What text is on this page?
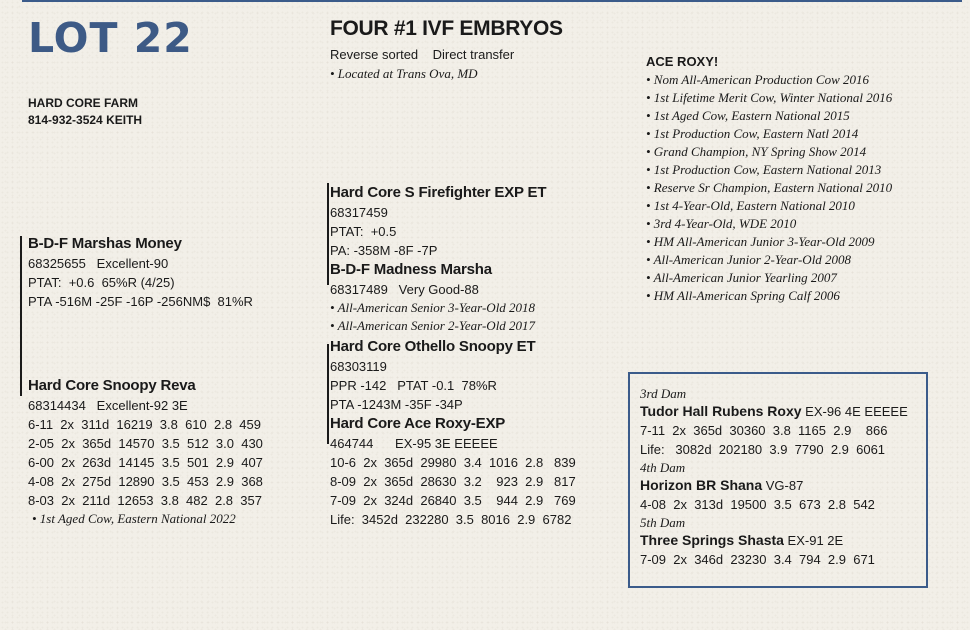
LOT 22
HARD CORE FARM
814-932-3524 KEITH
FOUR #1 IVF EMBRYOS
Reverse sorted    Direct transfer
• Located at Trans Ova, MD
ACE ROXY!
• Nom All-American Production Cow 2016
• 1st Lifetime Merit Cow, Winter National 2016
• 1st Aged Cow, Eastern National 2015
• 1st Production Cow, Eastern Natl 2014
• Grand Champion, NY Spring Show 2014
• 1st Production Cow, Eastern National 2013
• Reserve Sr Champion, Eastern National 2010
• 1st 4-Year-Old, Eastern National 2010
• 3rd 4-Year-Old, WDE 2010
• HM All-American Junior 3-Year-Old 2009
• All-American Junior 2-Year-Old 2008
• All-American Junior Yearling 2007
• HM All-American Spring Calf 2006
B-D-F Marshas Money
68325655   Excellent-90
PTAT:  +0.6  65%R (4/25)
PTA -516M -25F -16P -256NM$  81%R
Hard Core Snoopy Reva
68314434   Excellent-92 3E
6-11  2x  311d  16219  3.8  610  2.8  459
2-05  2x  365d  14570  3.5  512  3.0  430
6-00  2x  263d  14145  3.5  501  2.9  407
4-08  2x  275d  12890  3.5  453  2.9  368
8-03  2x  211d  12653  3.8  482  2.8  357
• 1st Aged Cow, Eastern National 2022
Hard Core S Firefighter EXP ET
68317459
PTAT:  +0.5
PA: -358M -8F -7P
B-D-F Madness Marsha
68317489   Very Good-88
• All-American Senior 3-Year-Old 2018
• All-American Senior 2-Year-Old 2017
Hard Core Othello Snoopy ET
68303119
PPR -142   PTAT -0.1  78%R
PTA -1243M -35F -34P
Hard Core Ace Roxy-EXP
464744      EX-95 3E EEEEE
10-6  2x  365d  29980  3.4  1016  2.8   839
8-09  2x  365d  28630  3.2    923  2.9   817
7-09  2x  324d  26840  3.5    944  2.9   769
Life:  3452d  232280  3.5  8016  2.9  6782
3rd Dam
Tudor Hall Rubens Roxy EX-96 4E EEEEE
7-11  2x  365d  30360  3.8  1165  2.9    866
Life:   3082d  202180  3.9  7790  2.9  6061
4th Dam
Horizon BR Shana VG-87
4-08  2x  313d  19500  3.5  673  2.8  542
5th Dam
Three Springs Shasta EX-91 2E
7-09  2x  346d  23230  3.4  794  2.9  671
